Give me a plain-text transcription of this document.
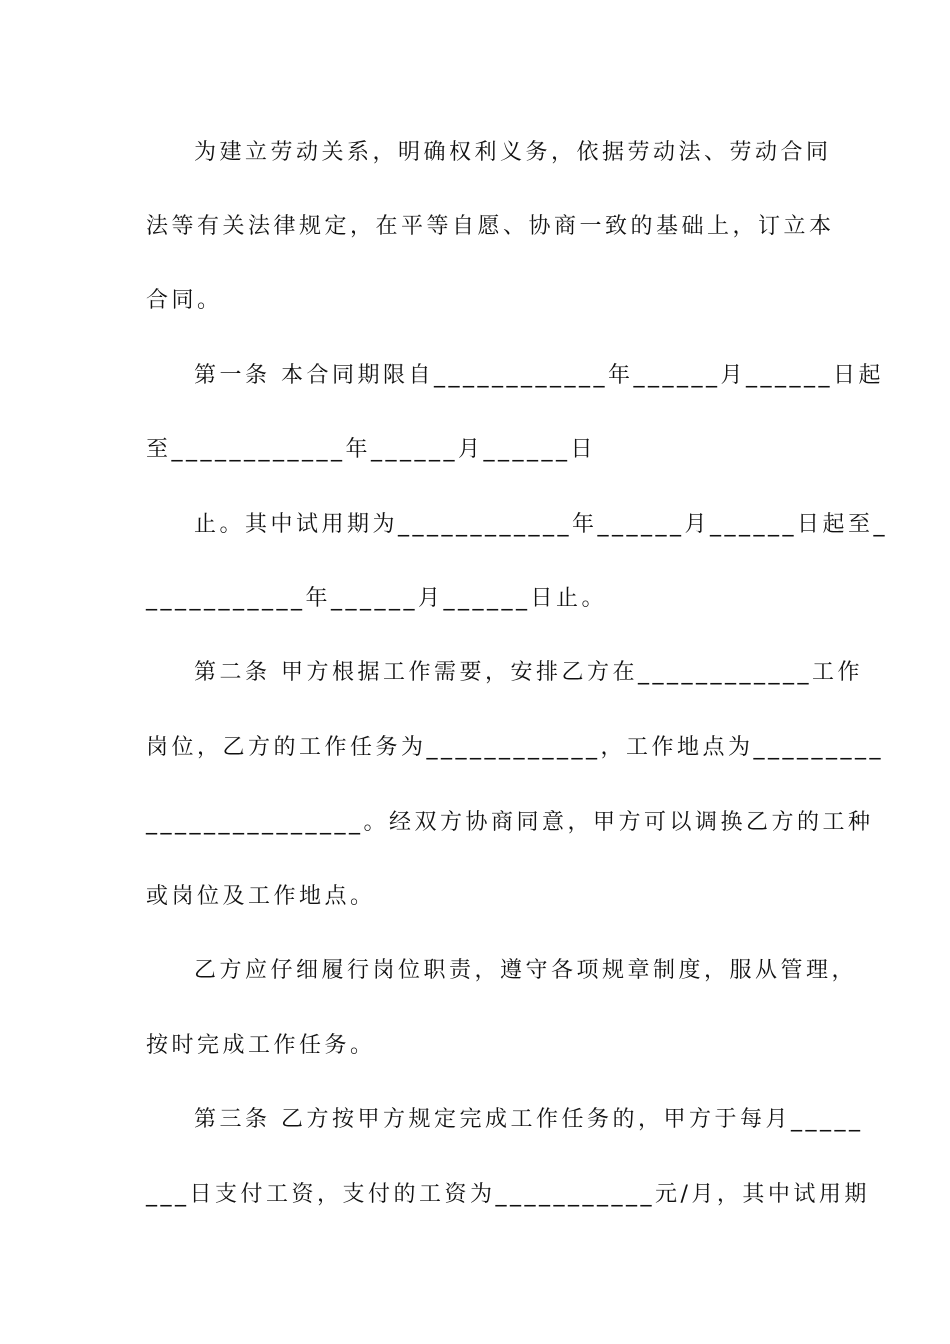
为建立劳动关系，明确权利义务，依据劳动法、劳动合同
法等有关法律规定，在平等自愿、协商一致的基础上，订立本
合同。
第一条 本合同期限自____________年______月______日起
至____________年______月______日
止。其中试用期为____________年______月______日起至_
___________年______月______日止。
第二条 甲方根据工作需要，安排乙方在____________工作
岗位，乙方的工作任务为____________，工作地点为_________
_______________。经双方协商同意，甲方可以调换乙方的工种
或岗位及工作地点。
乙方应仔细履行岗位职责，遵守各项规章制度，服从管理，
按时完成工作任务。
第三条 乙方按甲方规定完成工作任务的，甲方于每月_____
___日支付工资，支付的工资为___________元/月，其中试用期
